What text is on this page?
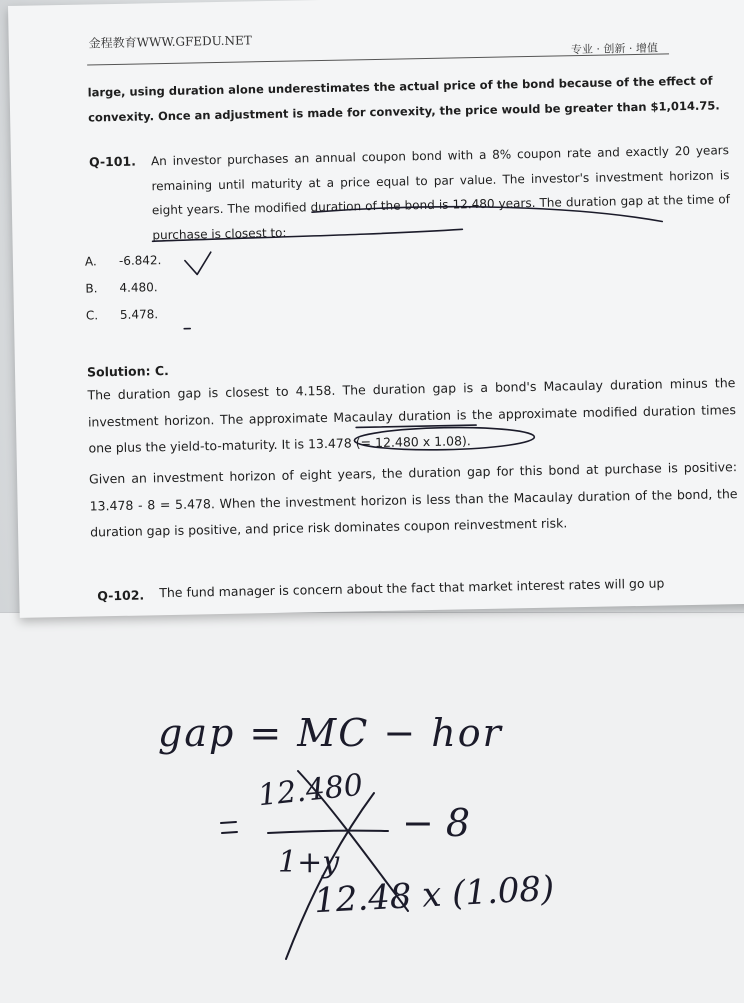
gap = MC − hor
12.480
− 8
1+y
12.48 x (1.08)
金程教育WWW.GFEDU.NET	专业 · 创新 · 增值
large, using duration alone underestimates the actual price of the bond because of the effect of convexity. Once an adjustment is made for convexity, the price would be greater than $1,014.75.
Q-101. An investor purchases an annual coupon bond with a 8% coupon rate and exactly 20 years remaining until maturity at a price equal to par value. The investor's investment horizon is eight years. The modified duration of the bond is 12.480 years. The duration gap at the time of purchase is closest to:
A. -6.842.
B. 4.480.
C. 5.478.
Solution: C.
The duration gap is closest to 4.158. The duration gap is a bond's Macaulay duration minus the investment horizon. The approximate Macaulay duration is the approximate modified duration times one plus the yield-to-maturity. It is 13.478 (= 12.480 x 1.08).
Given an investment horizon of eight years, the duration gap for this bond at purchase is positive: 13.478 - 8 = 5.478. When the investment horizon is less than the Macaulay duration of the bond, the duration gap is positive, and price risk dominates coupon reinvestment risk.
Q-102. The fund manager is concern about the fact that market interest rates will go up
